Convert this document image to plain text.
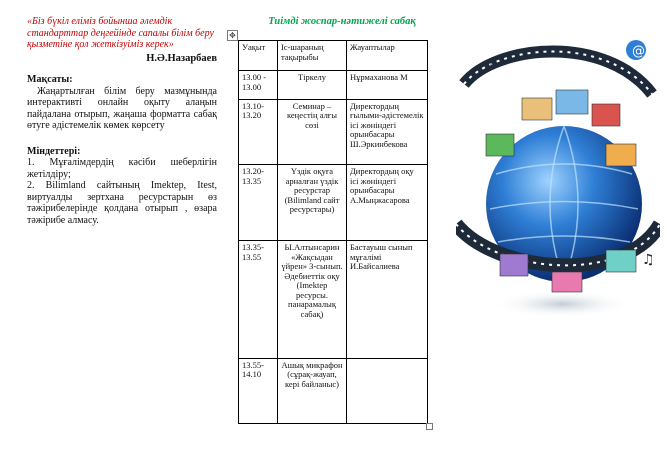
«Біз бүкіл еліміз бойынша әлемдік стандарттар деңгейінде сапалы білім беру қызметіне қол жеткізуіміз керек»

Н.Ә.Назарбаев

Мақсаты:

Жаңартылған білім беру мазмұнында интерактивті онлайн оқыту алаңын пайдалана отырып, жаңаша форматта сабақ өтуге әдістемелік көмек көрсету

Міндеттері:

1. Мұғалімдердің кәсіби шеберлігін жетілдіру;

2. Bilimland сайтының Imektep, Itest, виртуалды зертхана ресурстарын өз тәжірибелерінде қолдана отырып , өзара тәжірибе алмасу.

Тиімді жоспар-нәтижелі сабақ
✥
Уақыт	Іс-шараның тақырыбы	Жауаптылар
13.00 - 13.00	Тіркелу	Нұрмаханова М
13.10-13.20	Семинар – кеңестің алғы сөзі	Директордың ғылыми-әдістемелік ісі жөніндегі орынбасары Ш.Эркинбекова
13.20-13.35	Үздік оқуға арналған үздік ресурстар (Bilimland сайт ресурстары)	Директордың оқу ісі жөніндегі орынбасары А.Мыңжасарова
13.35-13.55	Ы.Алтынсарин «Жақсыдан үйрен» 3-сынып. Әдебиеттік оқу (Imektep ресурсы. панарамалық сабақ)	Бастауыш сынып мұғалімі И.Байсалиева
13.55-14.10	Ашық микрафон (сұрақ-жауап, кері байланыс)	
@
♪
♫
